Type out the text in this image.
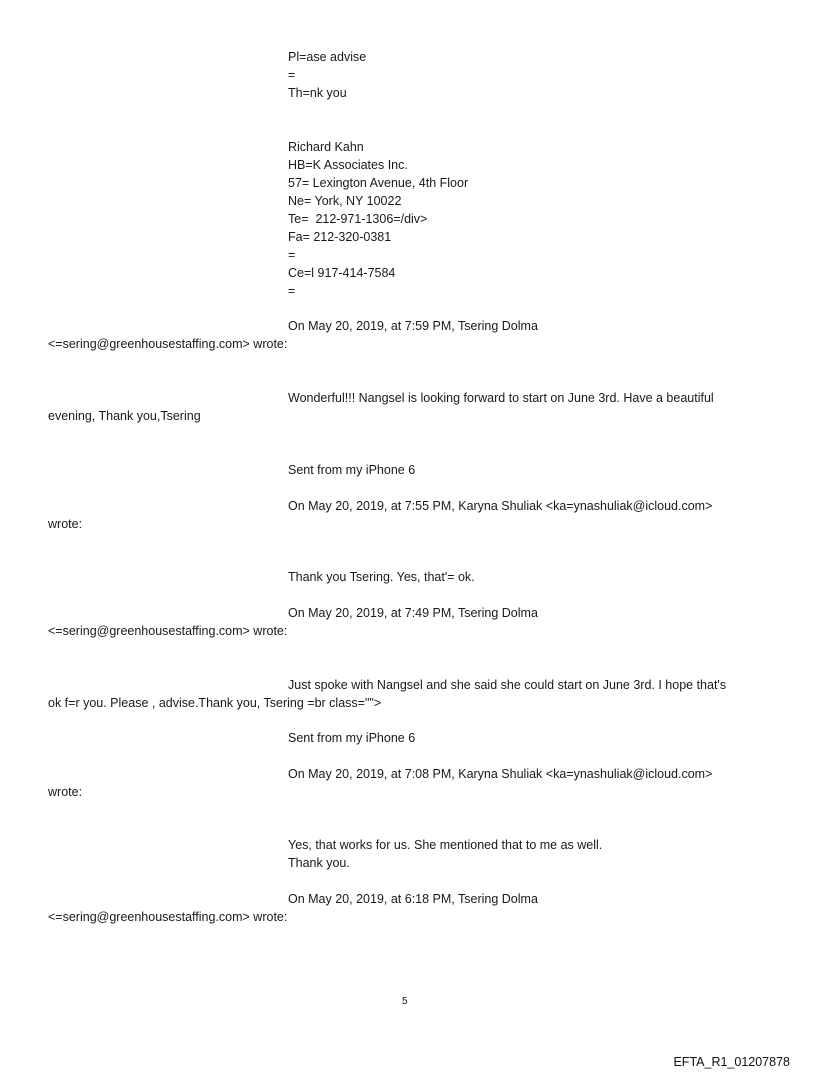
Pl=ase advise
=
Th=nk you
Richard Kahn
HB=K Associates Inc.
57= Lexington Avenue, 4th Floor
Ne= York, NY 10022
Te=  212-971-1306=/div>
Fa= 212-320-0381
=
Ce=l 917-414-7584
=
On May 20, 2019, at 7:59 PM, Tsering Dolma
<=sering@greenhousestaffing.com> wrote:
Wonderful!!! Nangsel is looking forward to start on June 3rd. Have a beautiful
evening, Thank you,Tsering
Sent from my iPhone 6
On May 20, 2019, at 7:55 PM, Karyna Shuliak <ka=ynashuliak@icloud.com>
wrote:
Thank you Tsering. Yes, that'= ok.
On May 20, 2019, at 7:49 PM, Tsering Dolma
<=sering@greenhousestaffing.com> wrote:
Just spoke with Nangsel and she said she could start on June 3rd. I hope that's
ok f=r you. Please , advise.Thank you, Tsering =br class="">
Sent from my iPhone 6
On May 20, 2019, at 7:08 PM, Karyna Shuliak <ka=ynashuliak@icloud.com>
wrote:
Yes, that works for us. She mentioned that to me as well.
Thank you.
On May 20, 2019, at 6:18 PM, Tsering Dolma
<=sering@greenhousestaffing.com> wrote:
5
EFTA_R1_01207878
